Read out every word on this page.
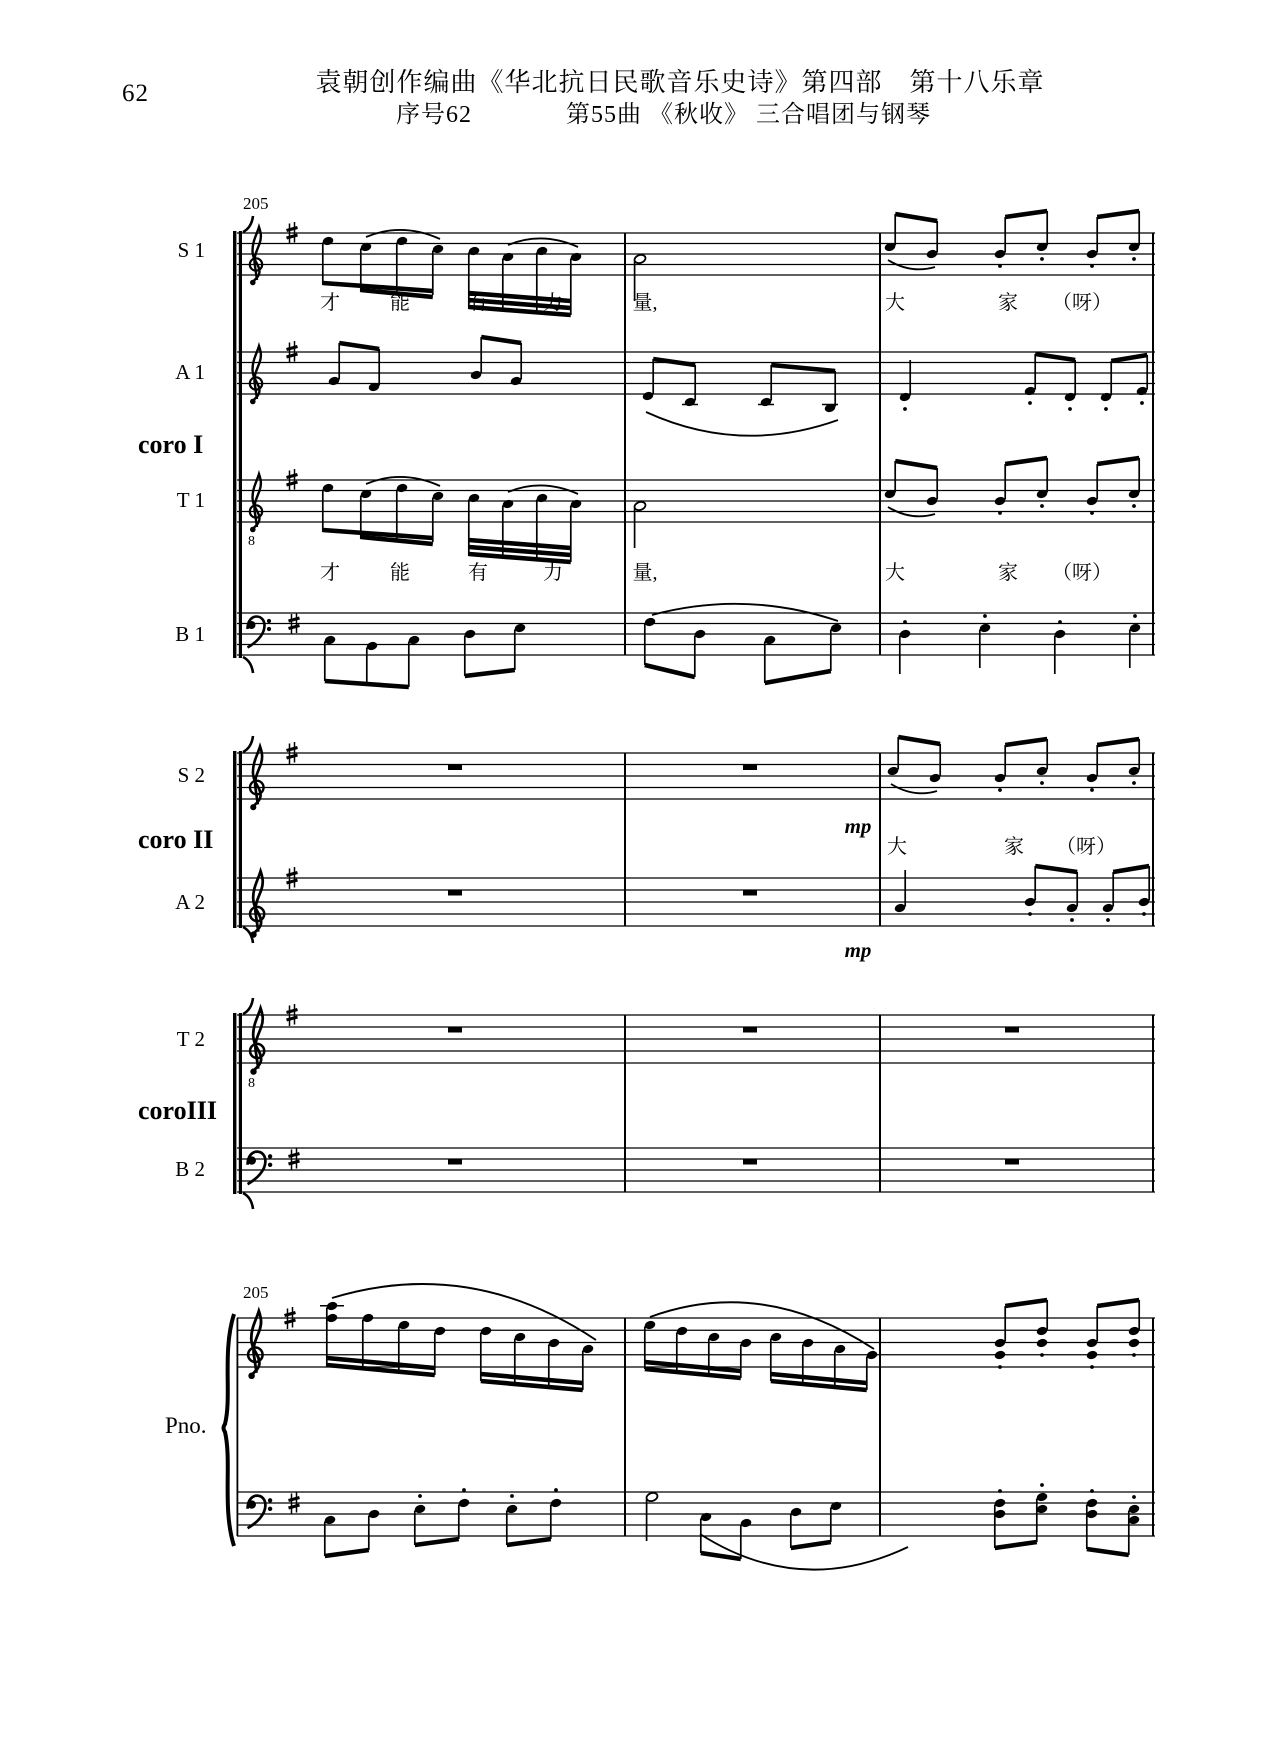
62	袁朝创作编曲《华北抗日民歌音乐史诗》第四部　第十八乐章
序号62	第55曲 《秋收》 三合唱团与钢琴
205
205
S 1
A 1
coro I
T 1
B 1
S 2
coro II
A 2
T 2
coroIII
B 2
Pno.
8
8
mp
mp
才	能	有	力	量,	大	家 （呀）
才	能	有	力	量,	大	家 （呀）
大	家 （呀）
